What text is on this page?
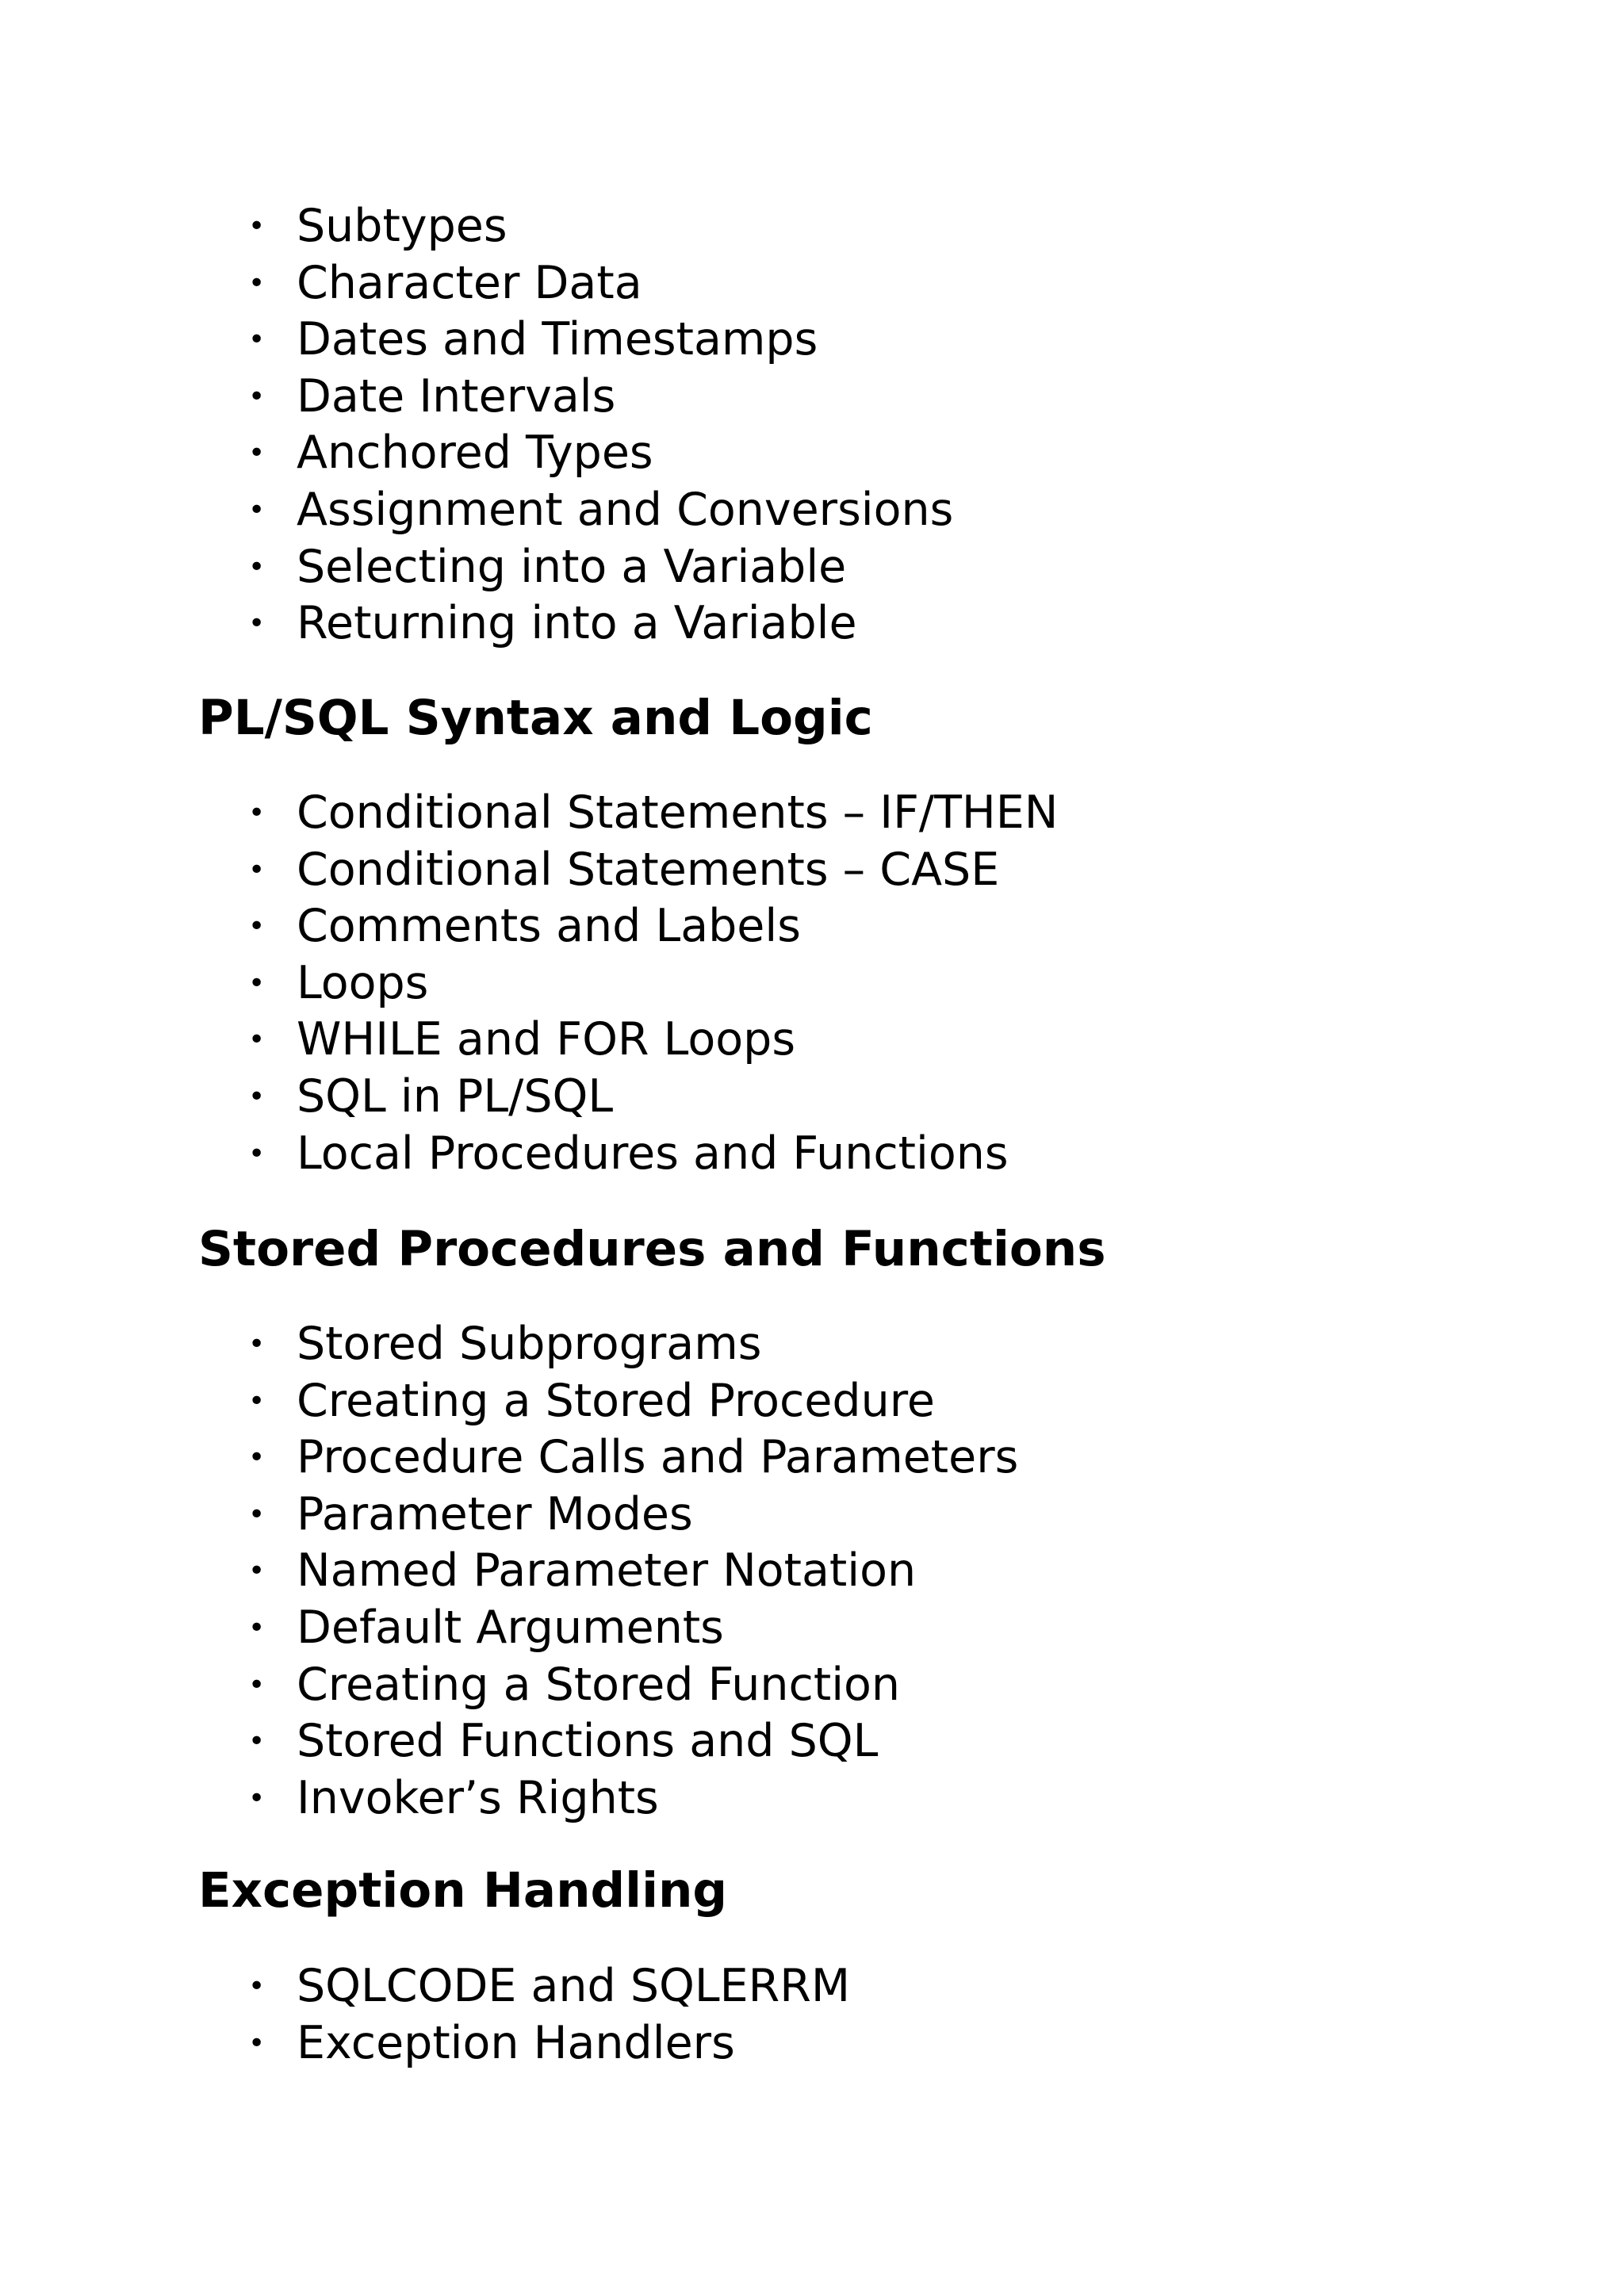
• Subtypes
• Character Data
• Dates and Timestamps
• Date Intervals
• Anchored Types
• Assignment and Conversions
• Selecting into a Variable
• Returning into a Variable
PL/SQL Syntax and Logic
• Conditional Statements – IF/THEN
• Conditional Statements – CASE
• Comments and Labels
• Loops
• WHILE and FOR Loops
• SQL in PL/SQL
• Local Procedures and Functions
Stored Procedures and Functions
• Stored Subprograms
• Creating a Stored Procedure
• Procedure Calls and Parameters
• Parameter Modes
• Named Parameter Notation
• Default Arguments
• Creating a Stored Function
• Stored Functions and SQL
• Invoker’s Rights
Exception Handling
• SQLCODE and SQLERRM
• Exception Handlers
